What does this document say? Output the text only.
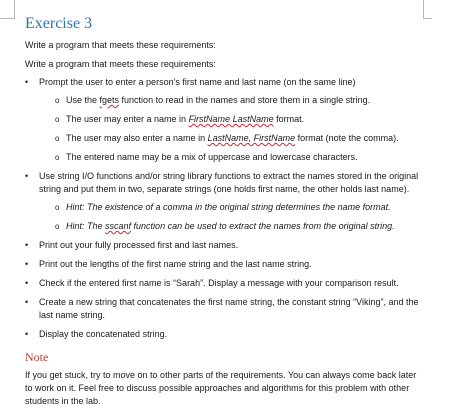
Exercise 3

Write a program that meets these requirements:

Write a program that meets these requirements:

•	Prompt the user to enter a person’s first name and last name (on the same line)
o Use the fgets function to read in the names and store them in a single string.
o The user may enter a name in FirstName LastName format.
o The user may also enter a name in LastName, FirstName format (note the comma).
o The entered name may be a mix of uppercase and lowercase characters.
•	Use string I/O functions and/or string library functions to extract the names stored in the original string and put them in two, separate strings (one holds first name, the other holds last name).
o Hint: The existence of a comma in the original string determines the name format.
o Hint: The sscanf function can be used to extract the names from the original string.
•	Print out your fully processed first and last names.
•	Print out the lengths of the first name string and the last name string.
•	Check if the entered first name is “Sarah”. Display a message with your comparison result.
•	Create a new string that concatenates the first name string, the constant string “Viking”, and the last name string.
•	Display the concatenated string.
Note

If you get stuck, try to move on to other parts of the requirements. You can always come back later to work on it. Feel free to discuss possible approaches and algorithms for this problem with other students in the lab.
